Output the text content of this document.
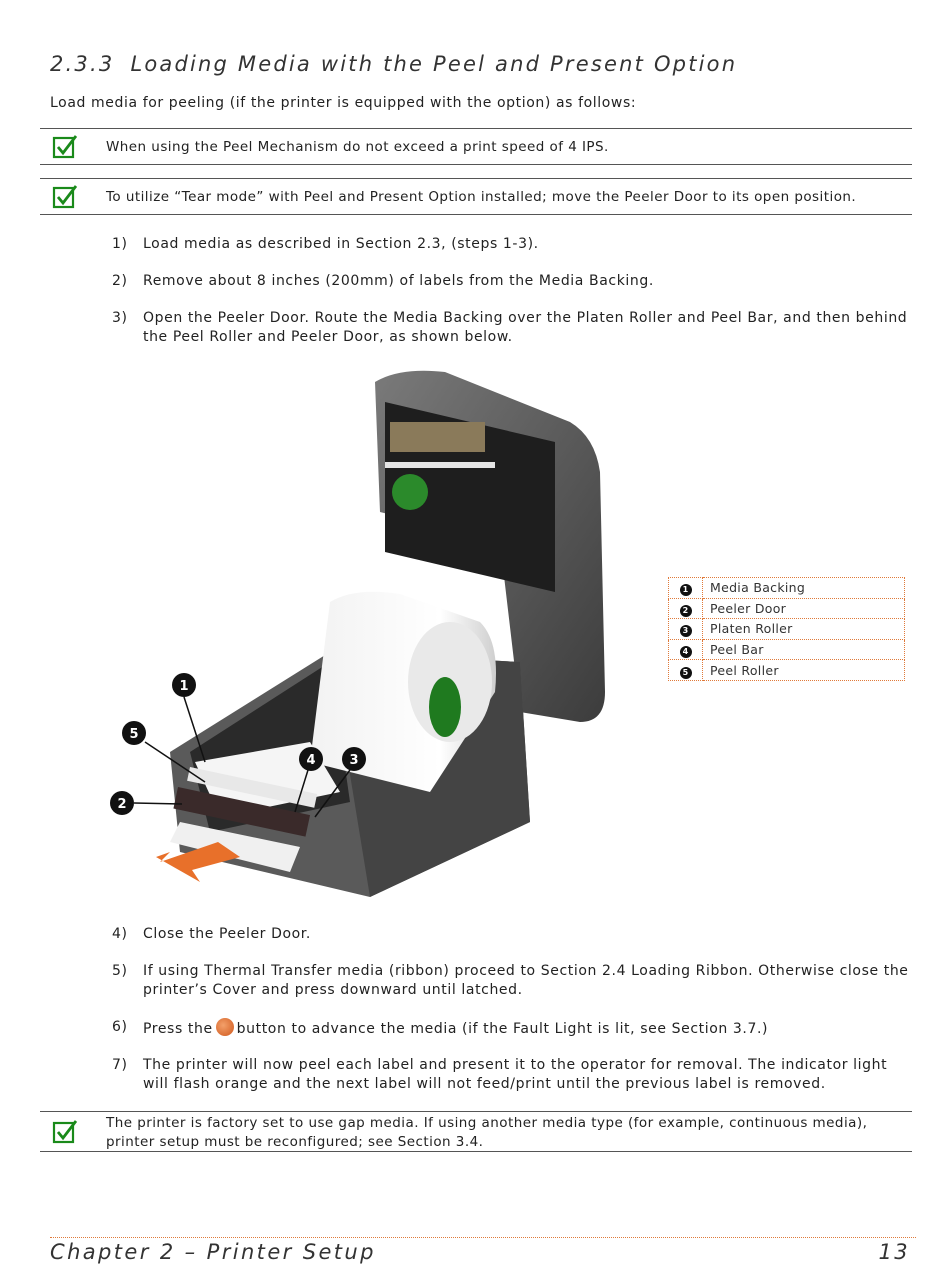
2.3.3 Loading Media with the Peel and Present Option
Load media for peeling (if the printer is equipped with the option) as follows:
When using the Peel Mechanism do not exceed a print speed of 4 IPS.
To utilize “Tear mode” with Peel and Present Option installed; move the Peeler Door to its open position.
1) Load media as described in Section 2.3, (steps 1-3).
2) Remove about 8 inches (200mm) of labels from the Media Backing.
3) Open the Peeler Door. Route the Media Backing over the Platen Roller and Peel Bar, and then behind the Peel Roller and Peeler Door, as shown below.
1
5
2
4	3
1	Media Backing
2	Peeler Door
3	Platen Roller
4	Peel Bar
5	Peel Roller
4) Close the Peeler Door.
5) If using Thermal Transfer media (ribbon) proceed to Section 2.4 Loading Ribbon. Otherwise close the printer’s Cover and press downward until latched.
6) Press the button to advance the media (if the Fault Light is lit, see Section 3.7.)
7) The printer will now peel each label and present it to the operator for removal. The indicator light will flash orange and the next label will not feed/print until the previous label is removed.
The printer is factory set to use gap media. If using another media type (for example, continuous media), printer setup must be reconfigured; see Section 3.4.
Chapter 2 – Printer Setup	13
